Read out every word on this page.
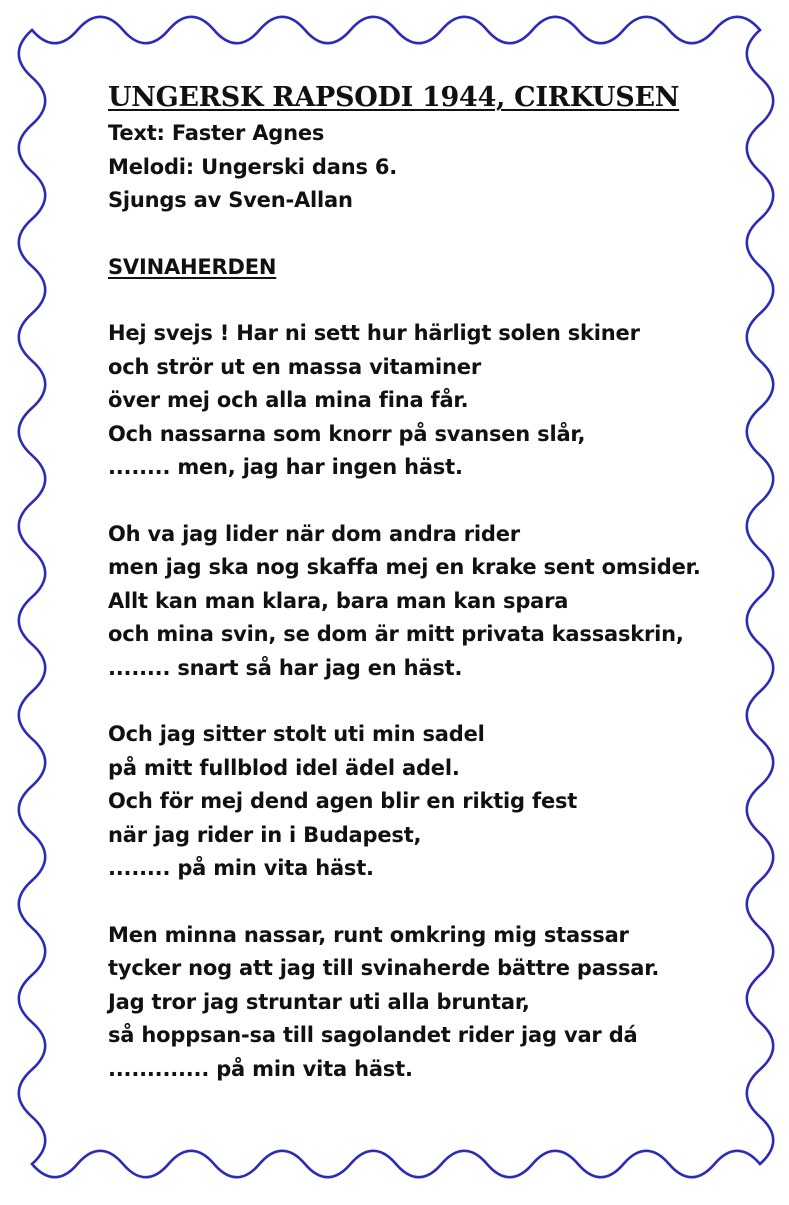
UNGERSK RAPSODI 1944, CIRKUSEN

Text: Faster Agnes

Melodi: Ungerski dans 6.

Sjungs av Sven-Allan

SVINAHERDEN

Hej svejs ! Har ni sett hur härligt solen skiner

och strör ut en massa vitaminer

över mej och alla mina fina får.

Och nassarna som knorr på svansen slår,

........ men, jag har ingen häst.

Oh va jag lider när dom andra rider

men jag ska nog skaffa mej en krake sent omsider.

Allt kan man klara, bara man kan spara

och mina svin, se dom är mitt privata kassaskrin,

........ snart så har jag en häst.

Och jag sitter stolt uti min sadel

på mitt fullblod idel ädel adel.

Och för mej dend agen blir en riktig fest

när jag rider in i Budapest,

........ på min vita häst.

Men minna nassar, runt omkring mig stassar

tycker nog att jag till svinaherde bättre passar.

Jag tror jag struntar uti alla bruntar,

så hoppsan-sa till sagolandet rider jag var dá

............. på min vita häst.
